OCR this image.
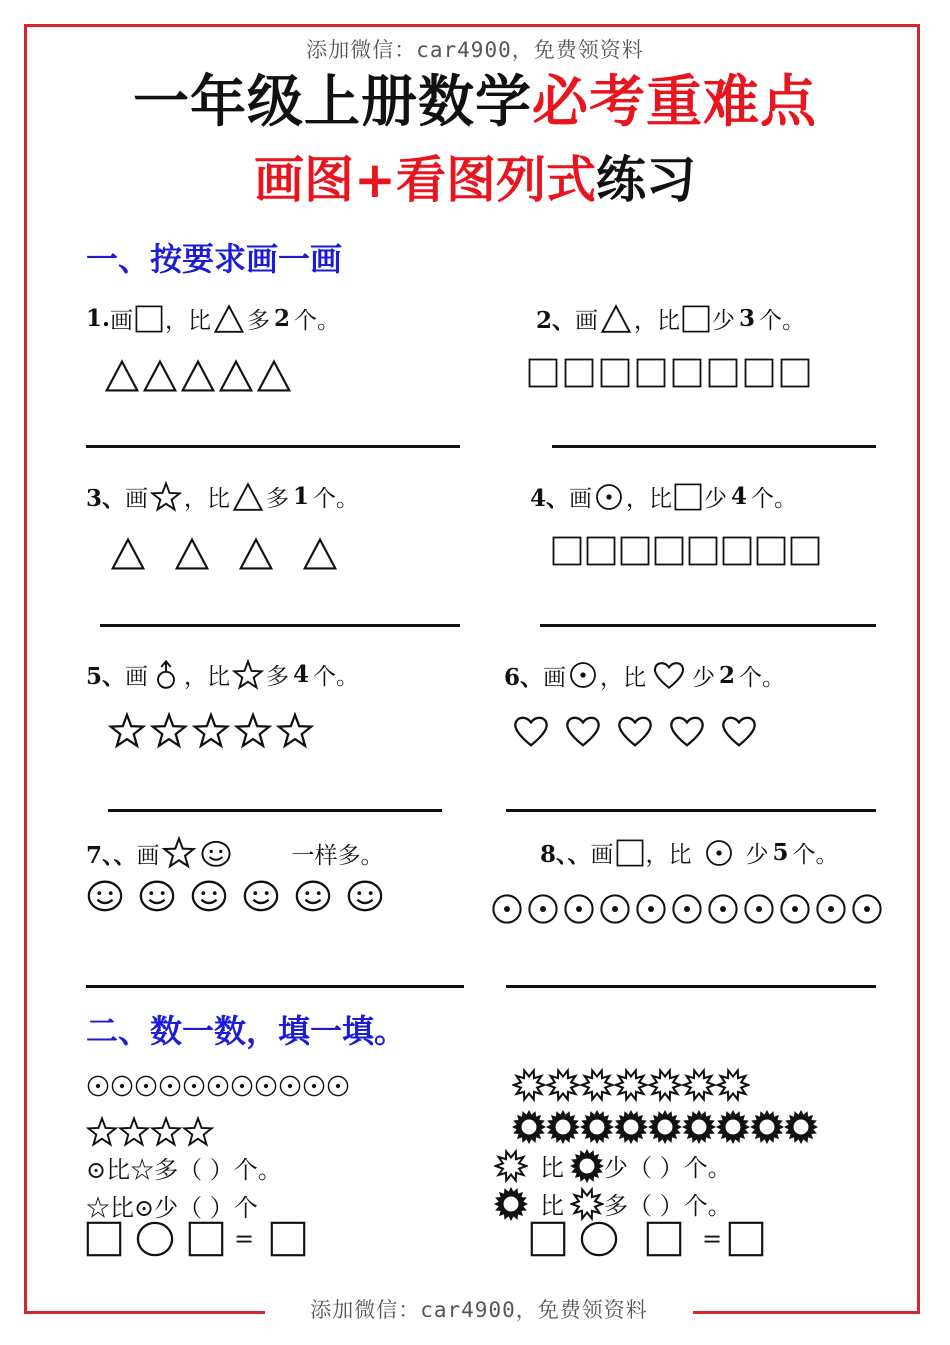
添加微信：car4900，免费领资料
一年级上册数学必考重难点
画图+看图列式练习
一、按要求画一画
1. 画 ，比 多 2 个。	2、 画 ，比 少 3 个。
3、 画 ，比 多 1 个。	4、 画 ，比 少 4 个。
5、 画 ，比 多 4 个。	6、 画 ，比 少 2 个。
7、、 画	一样多。	8、、 画 ，比 少 5 个。
二、数一数，填一填。
⊙比☆多（ ）个。
☆比⊙少（ ）个
=
比 少（ ）个。
比 多（ ）个。
=
添加微信：car4900，免费领资料
